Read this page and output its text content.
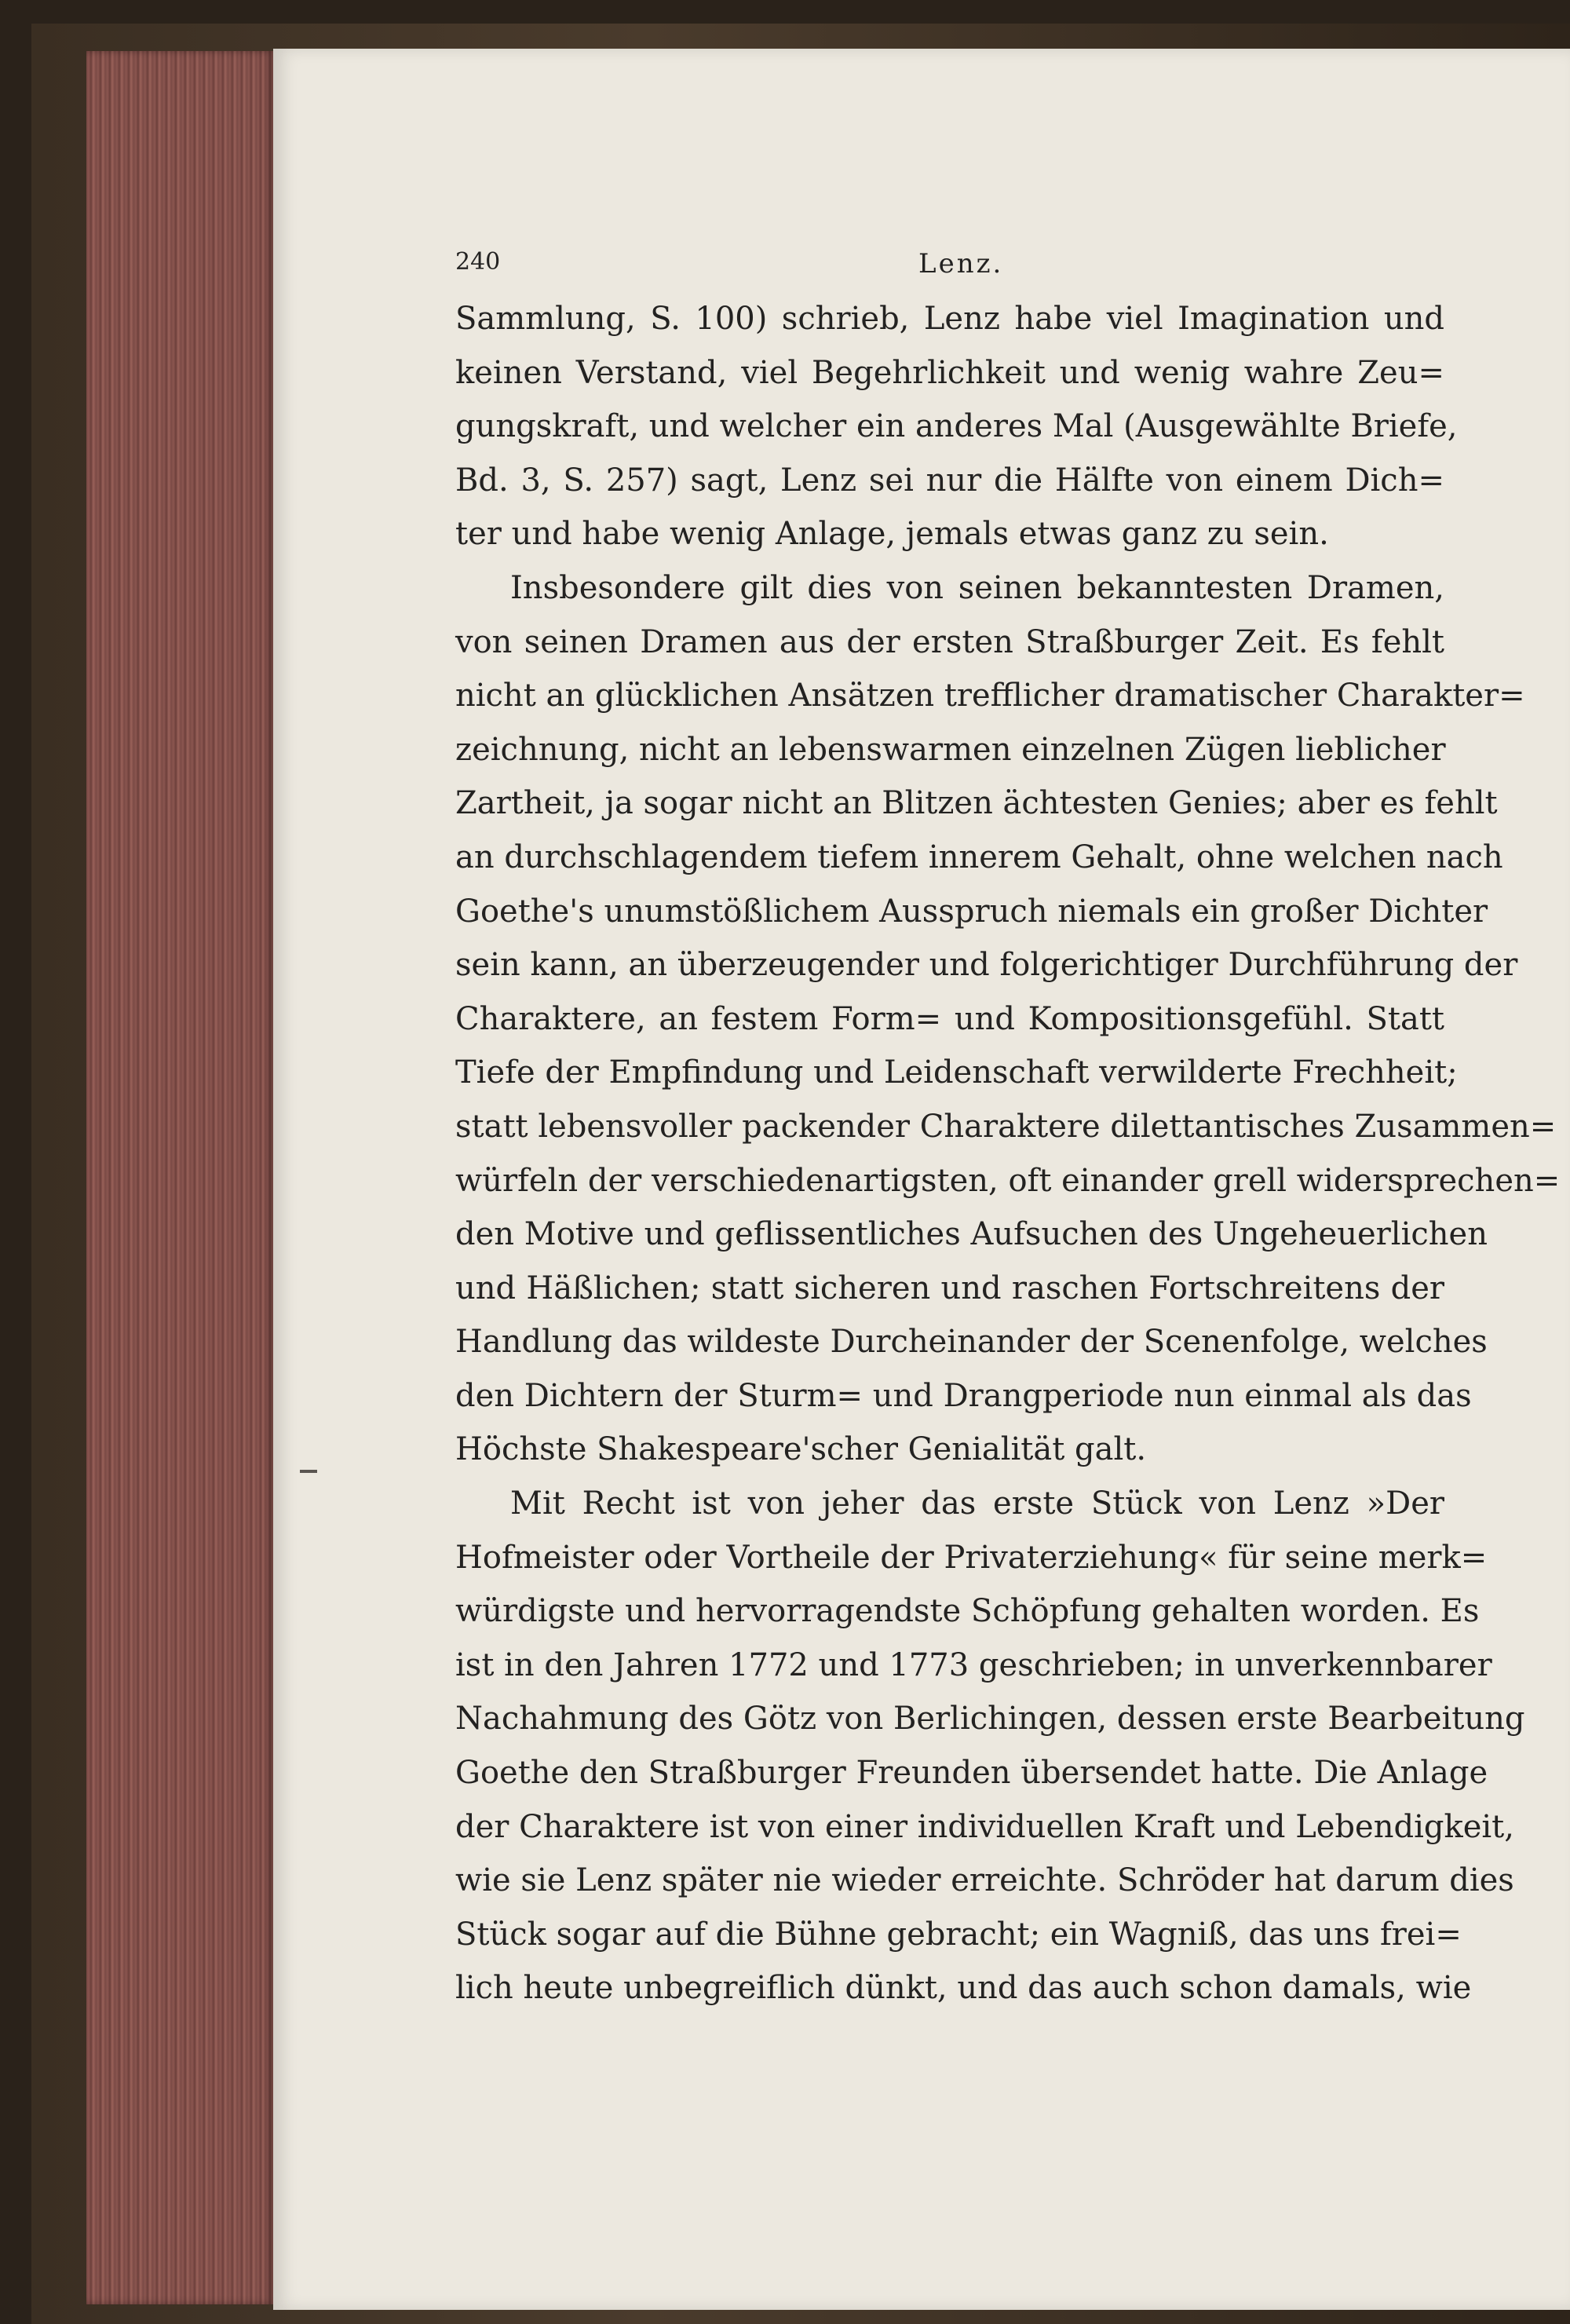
240	Lenz.
Sammlung, S. 100) schrieb, Lenz habe viel Imagination und
keinen Verstand, viel Begehrlichkeit und wenig wahre Zeu=
gungskraft, und welcher ein anderes Mal (Ausgewählte Briefe,
Bd. 3, S. 257) sagt, Lenz sei nur die Hälfte von einem Dich=
ter und habe wenig Anlage, jemals etwas ganz zu sein.
Insbesondere gilt dies von seinen bekanntesten Dramen,
von seinen Dramen aus der ersten Straßburger Zeit. Es fehlt
nicht an glücklichen Ansätzen trefflicher dramatischer Charakter=
zeichnung, nicht an lebenswarmen einzelnen Zügen lieblicher
Zartheit, ja sogar nicht an Blitzen ächtesten Genies; aber es fehlt
an durchschlagendem tiefem innerem Gehalt, ohne welchen nach
Goethe's unumstößlichem Ausspruch niemals ein großer Dichter
sein kann, an überzeugender und folgerichtiger Durchführung der
Charaktere, an festem Form= und Kompositionsgefühl. Statt
Tiefe der Empfindung und Leidenschaft verwilderte Frechheit;
statt lebensvoller packender Charaktere dilettantisches Zusammen=
würfeln der verschiedenartigsten, oft einander grell widersprechen=
den Motive und geflissentliches Aufsuchen des Ungeheuerlichen
und Häßlichen; statt sicheren und raschen Fortschreitens der
Handlung das wildeste Durcheinander der Scenenfolge, welches
den Dichtern der Sturm= und Drangperiode nun einmal als das
Höchste Shakespeare'scher Genialität galt.
Mit Recht ist von jeher das erste Stück von Lenz »Der
Hofmeister oder Vortheile der Privaterziehung« für seine merk=
würdigste und hervorragendste Schöpfung gehalten worden. Es
ist in den Jahren 1772 und 1773 geschrieben; in unverkennbarer
Nachahmung des Götz von Berlichingen, dessen erste Bearbeitung
Goethe den Straßburger Freunden übersendet hatte. Die Anlage
der Charaktere ist von einer individuellen Kraft und Lebendigkeit,
wie sie Lenz später nie wieder erreichte. Schröder hat darum dies
Stück sogar auf die Bühne gebracht; ein Wagniß, das uns frei=
lich heute unbegreiflich dünkt, und das auch schon damals, wie
